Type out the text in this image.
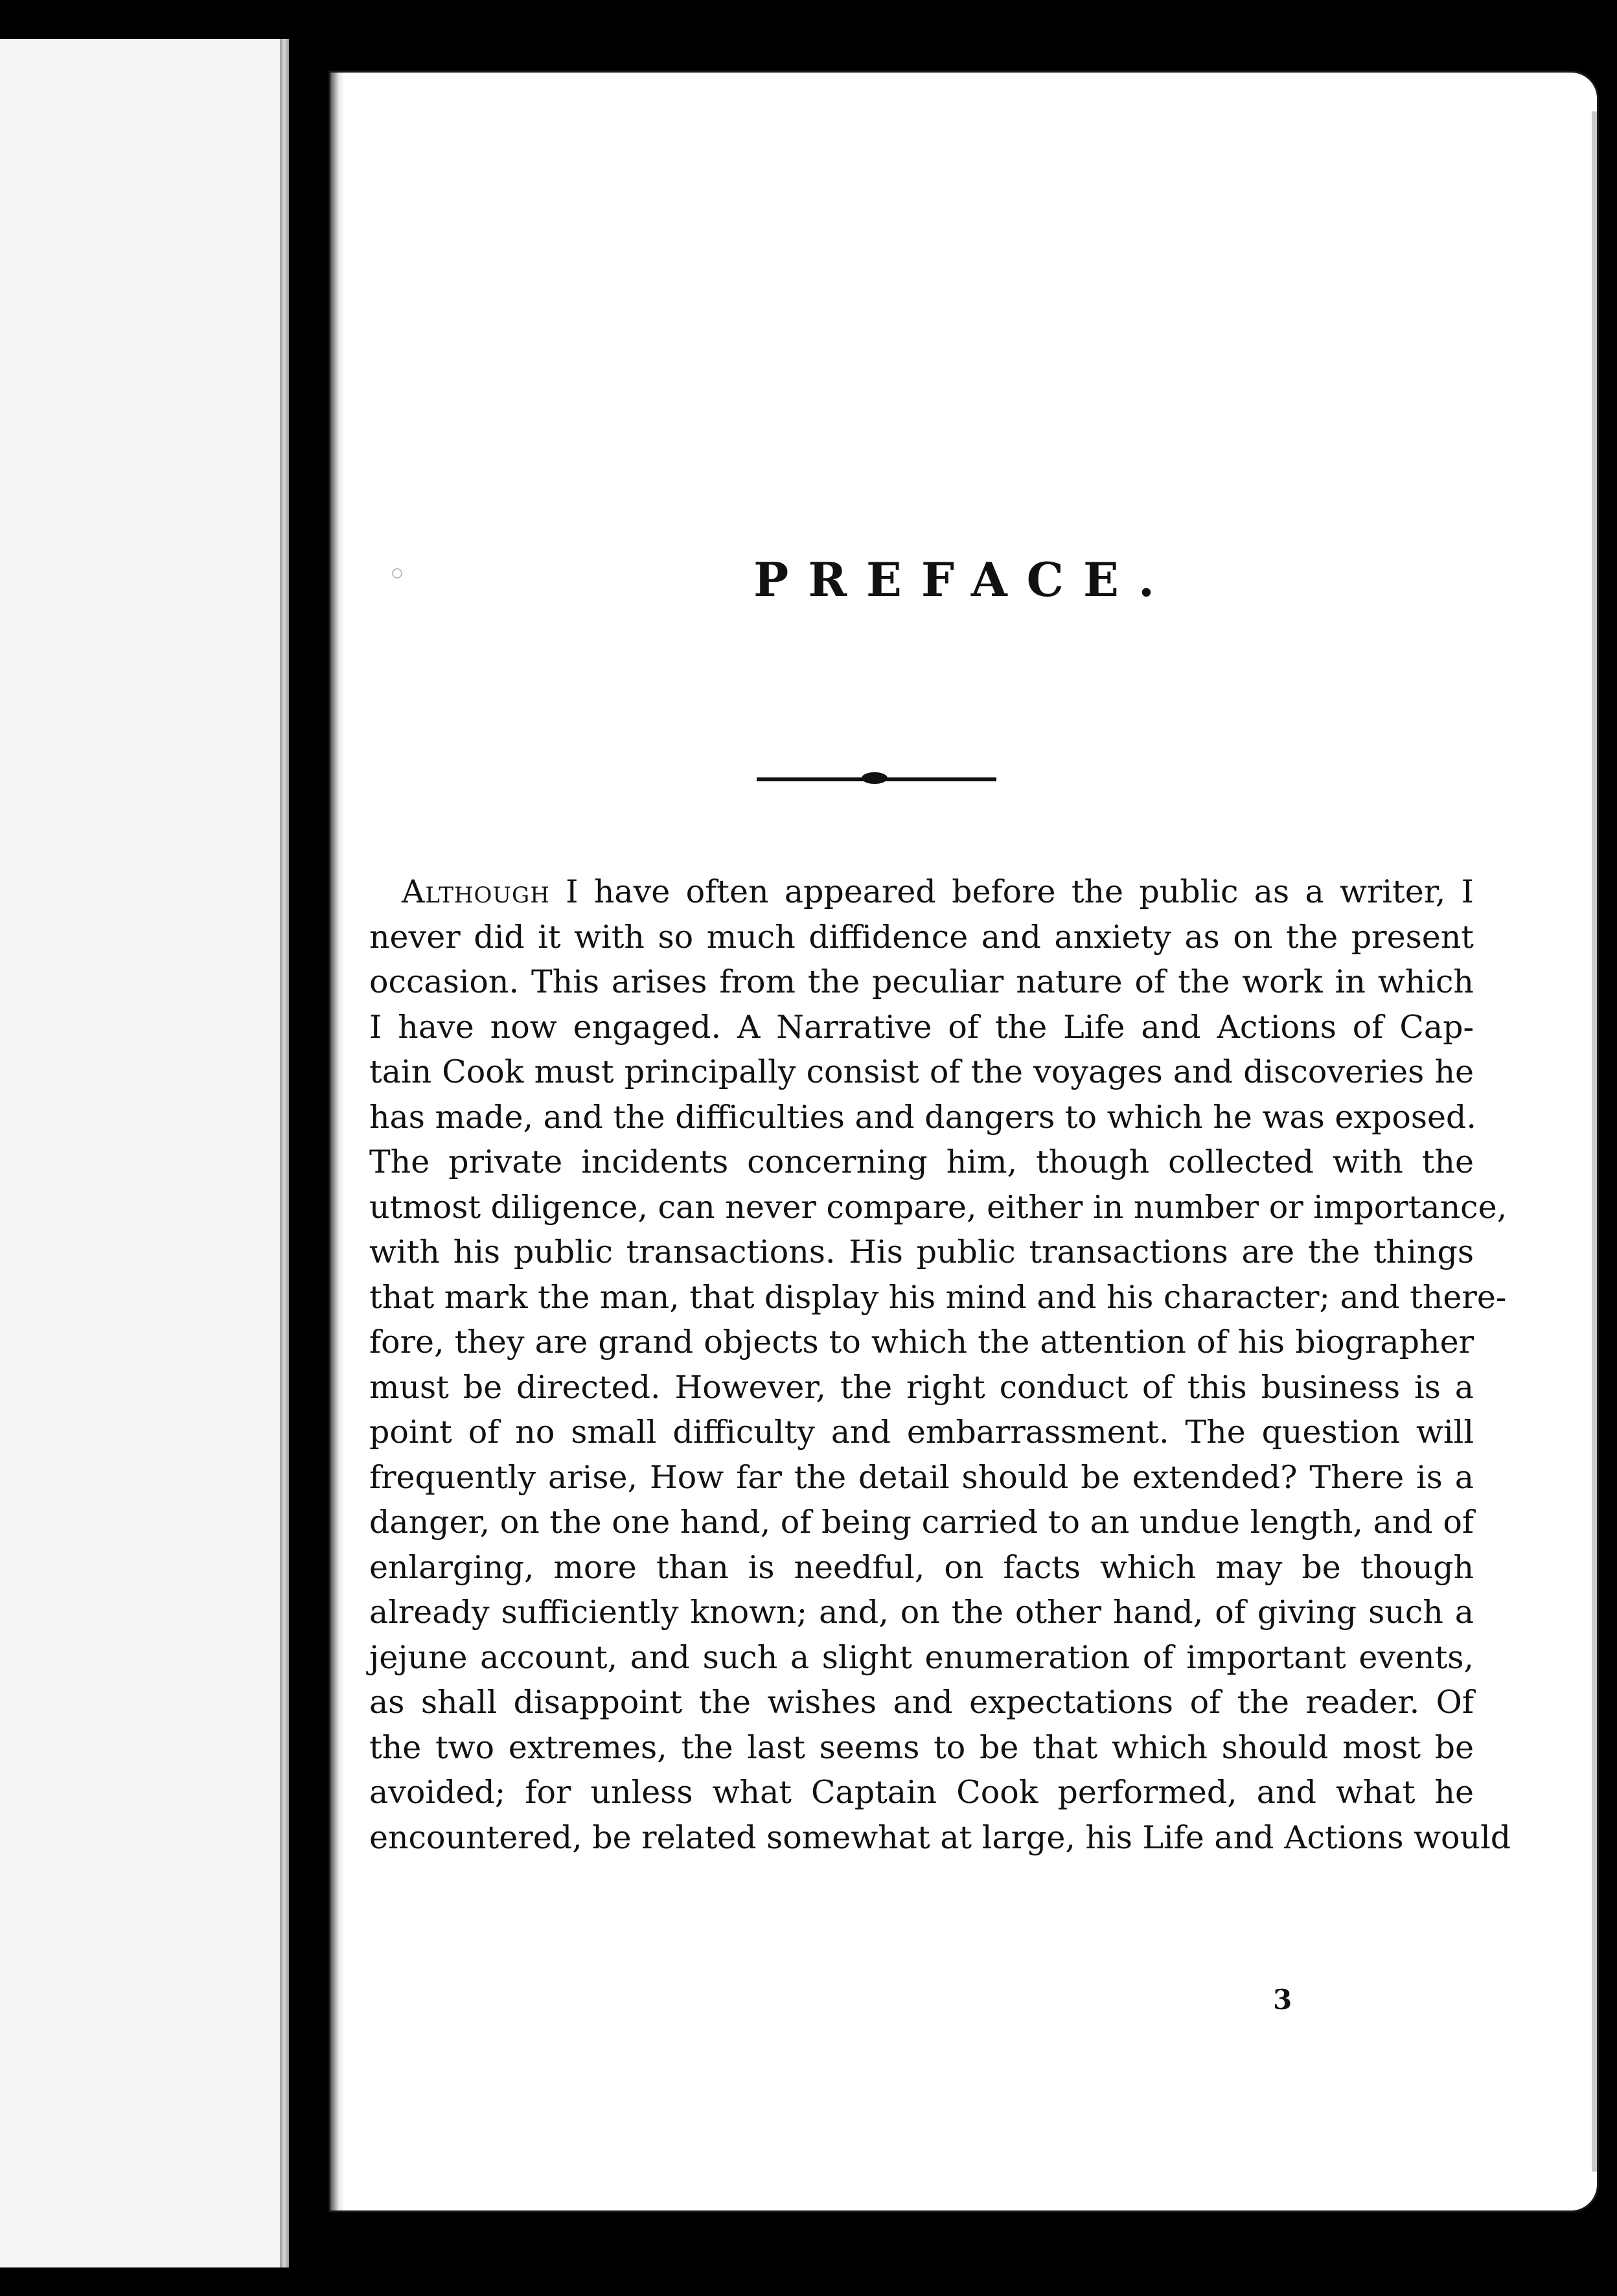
PREFACE.
Although I have often appeared before the public as a writer, I
never did it with so much diffidence and anxiety as on the present
occasion. This arises from the peculiar nature of the work in which
I have now engaged. A Narrative of the Life and Actions of Cap-
tain Cook must principally consist of the voyages and discoveries he
has made, and the difficulties and dangers to which he was exposed.
The private incidents concerning him, though collected with the
utmost diligence, can never compare, either in number or importance,
with his public transactions. His public transactions are the things
that mark the man, that display his mind and his character; and there-
fore, they are grand objects to which the attention of his biographer
must be directed. However, the right conduct of this business is a
point of no small difficulty and embarrassment. The question will
frequently arise, How far the detail should be extended? There is a
danger, on the one hand, of being carried to an undue length, and of
enlarging, more than is needful, on facts which may be though
already sufficiently known; and, on the other hand, of giving such a
jejune account, and such a slight enumeration of important events,
as shall disappoint the wishes and expectations of the reader. Of
the two extremes, the last seems to be that which should most be
avoided; for unless what Captain Cook performed, and what he
encountered, be related somewhat at large, his Life and Actions would
3
